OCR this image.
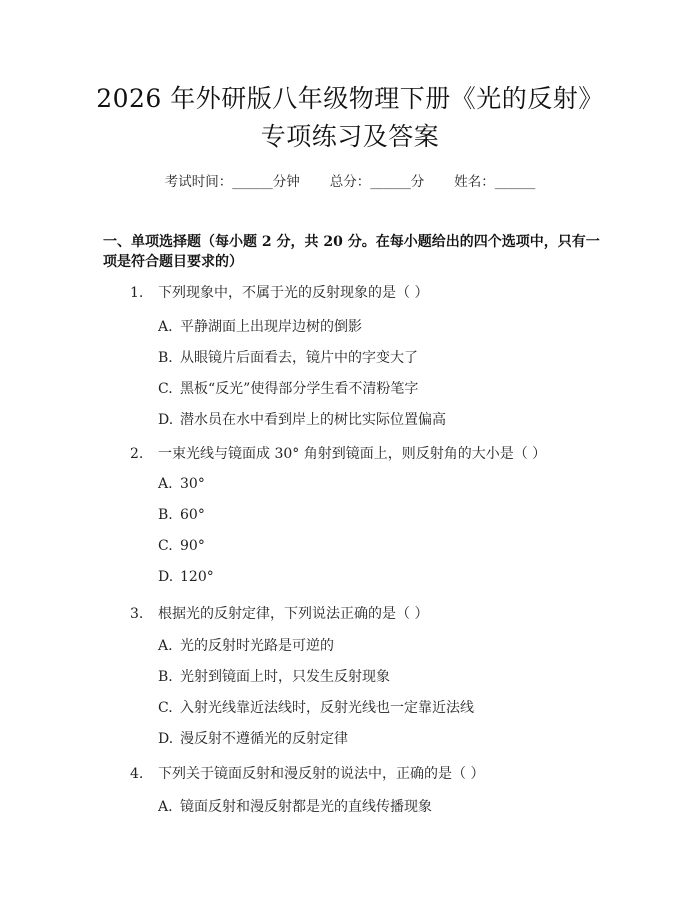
2026 年外研版八年级物理下册《光的反射》
专项练习及答案
考试时间：______分钟 总分：______分 姓名：______
一、单项选择题（每小题 2 分，共 20 分。在每小题给出的四个选项中，只有一项是符合题目要求的）
1. 下列现象中，不属于光的反射现象的是（ ）
A. 平静湖面上出现岸边树的倒影
B. 从眼镜片后面看去，镜片中的字变大了
C. 黑板“反光”使得部分学生看不清粉笔字
D. 潜水员在水中看到岸上的树比实际位置偏高
2. 一束光线与镜面成 30° 角射到镜面上，则反射角的大小是（ ）
A. 30°
B. 60°
C. 90°
D. 120°
3. 根据光的反射定律，下列说法正确的是（ ）
A. 光的反射时光路是可逆的
B. 光射到镜面上时，只发生反射现象
C. 入射光线靠近法线时，反射光线也一定靠近法线
D. 漫反射不遵循光的反射定律
4. 下列关于镜面反射和漫反射的说法中，正确的是（ ）
A. 镜面反射和漫反射都是光的直线传播现象
